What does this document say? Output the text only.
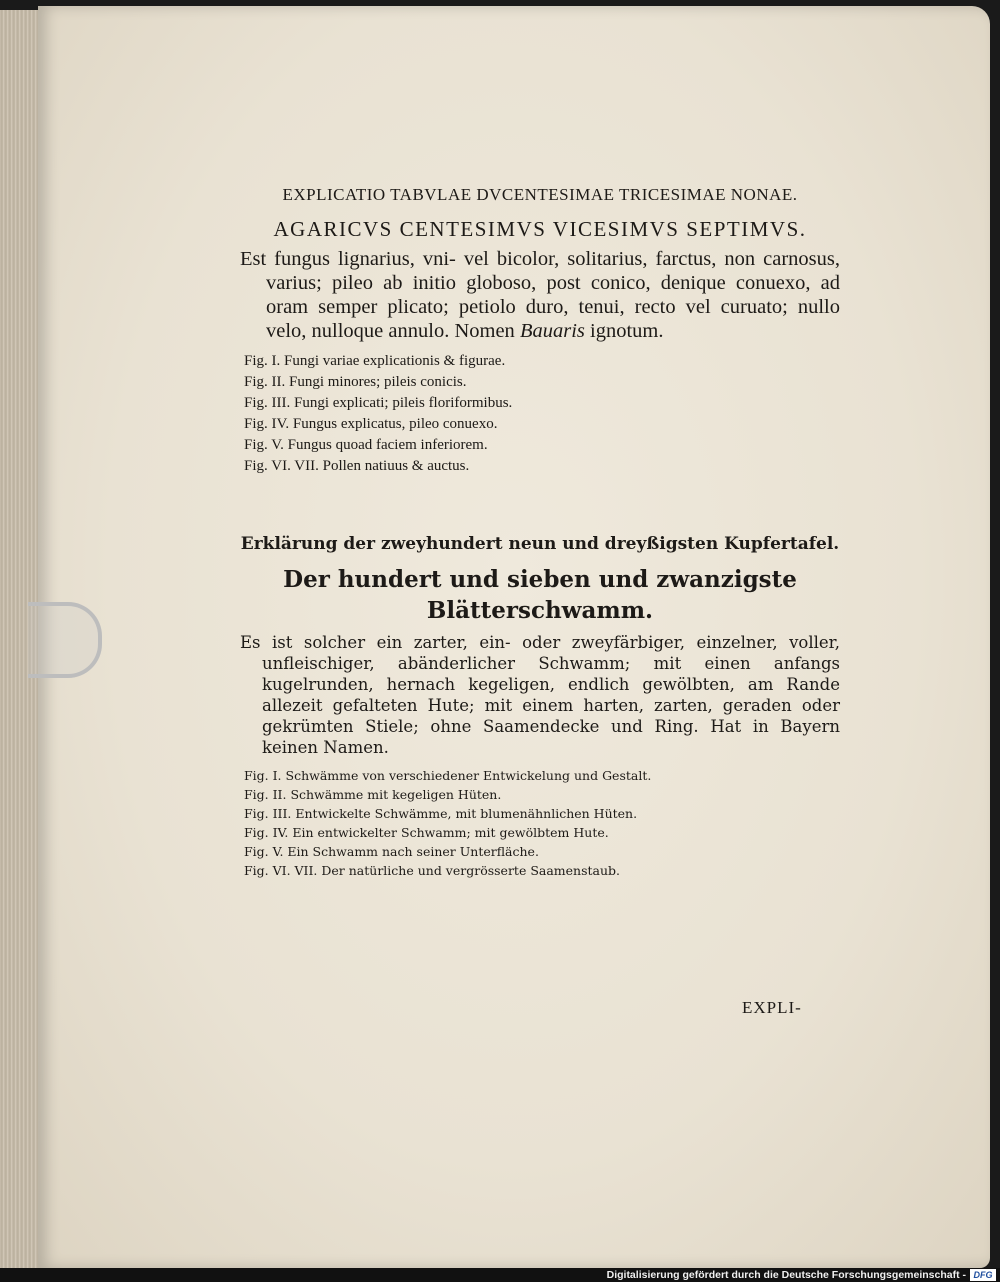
EXPLICATIO TABVLAE DVCENTESIMAE TRICESIMAE NONAE.

AGARICVS CENTESIMVS VICESIMVS SEPTIMVS.

Est fungus lignarius, vni- vel bicolor, solitarius, farctus, non carnosus, varius; pileo ab initio globoso, post conico, denique conuexo, ad oram semper plicato; petiolo duro, tenui, recto vel curuato; nullo velo, nulloque annulo. Nomen Bauaris ignotum.

Fig. I. Fungi variae explicationis & figurae.
Fig. II. Fungi minores; pileis conicis.
Fig. III. Fungi explicati; pileis floriformibus.
Fig. IV. Fungus explicatus, pileo conuexo.
Fig. V. Fungus quoad faciem inferiorem.
Fig. VI. VII. Pollen natiuus & auctus.

Erklärung der zweyhundert neun und dreyßigsten Kupfertafel.

Der hundert und sieben und zwanzigste Blätterschwamm.

Es ist solcher ein zarter, ein- oder zweyfärbiger, einzelner, voller, unfleischiger, abänderlicher Schwamm; mit einen anfangs kugelrunden, hernach kegeligen, endlich gewölbten, am Rande allezeit gefalteten Hute; mit einem harten, zarten, geraden oder gekrümten Stiele; ohne Saamendecke und Ring. Hat in Bayern keinen Namen.

Fig. I. Schwämme von verschiedener Entwickelung und Gestalt.
Fig. II. Schwämme mit kegeligen Hüten.
Fig. III. Entwickelte Schwämme, mit blumenähnlichen Hüten.
Fig. IV. Ein entwickelter Schwamm; mit gewölbtem Hute.
Fig. V. Ein Schwamm nach seiner Unterfläche.
Fig. VI. VII. Der natürliche und vergrösserte Saamenstaub.

EXPLI-

Digitalisierung gefördert durch die Deutsche Forschungsgemeinschaft - DFG
